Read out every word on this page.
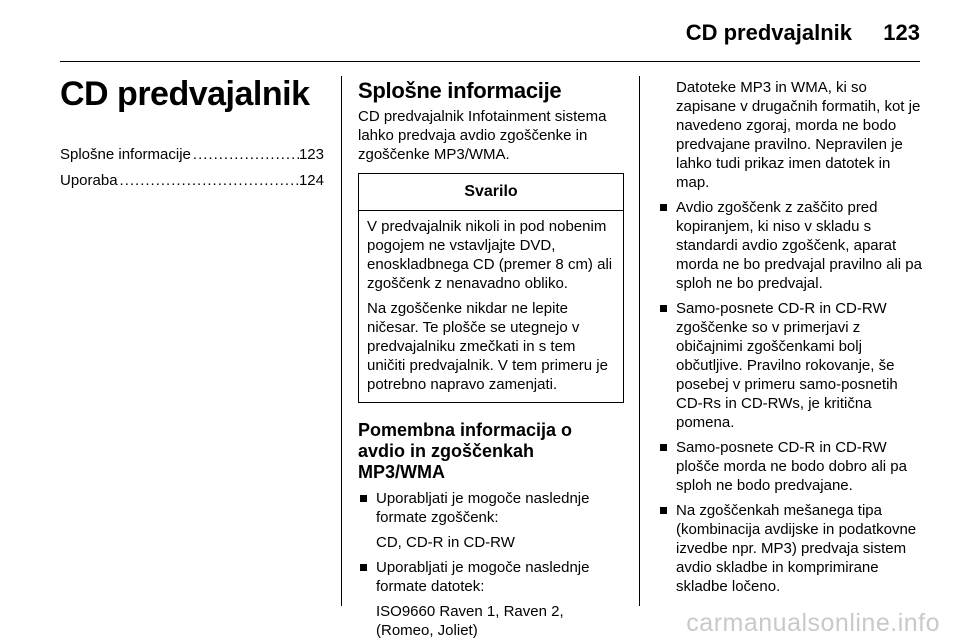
CD predvajalnik 123
CD predvajalnik
Splošne informacije .....	123
Uporaba .....	124
Splošne informacije

CD predvajalnik Infotainment sistema lahko predvaja avdio zgoščenke in zgoščenke MP3/WMA.

Svarilo

V predvajalnik nikoli in pod nobenim pogojem ne vstavljajte DVD, enoskladbnega CD (premer 8 cm) ali zgoščenk z nenavadno obliko.

Na zgoščenke nikdar ne lepite ničesar. Te plošče se utegnejo v predvajalniku zmečkati in s tem uničiti predvajalnik. V tem primeru je potrebno napravo zamenjati.

Pomembna informacija o avdio in zgoščenkah MP3/WMA
Uporabljati je mogoče naslednje formate zgoščenk:
CD, CD-R in CD-RW
Uporabljati je mogoče naslednje formate datotek:
ISO9660 Raven 1, Raven 2, (Romeo, Joliet)

Datoteke MP3 in WMA, ki so zapisane v drugačnih formatih, kot je navedeno zgoraj, morda ne bodo predvajane pravilno. Nepravilen je lahko tudi prikaz imen datotek in map.

Avdio zgoščenk z zaščito pred kopiranjem, ki niso v skladu s standardi avdio zgoščenk, aparat morda ne bo predvajal pravilno ali pa sploh ne bo predvajal.
Samo-posnete CD-R in CD-RW zgoščenke so v primerjavi z običajnimi zgoščenkami bolj občutljive. Pravilno rokovanje, še posebej v primeru samo-posnetih CD-Rs in CD-RWs, je kritična pomena.
Samo-posnete CD-R in CD-RW plošče morda ne bodo dobro ali pa sploh ne bodo predvajane.
Na zgoščenkah mešanega tipa (kombinacija avdijske in podatkovne izvedbe npr. MP3) predvaja sistem avdio skladbe in komprimirane skladbe ločeno.
carmanualsonline.info
